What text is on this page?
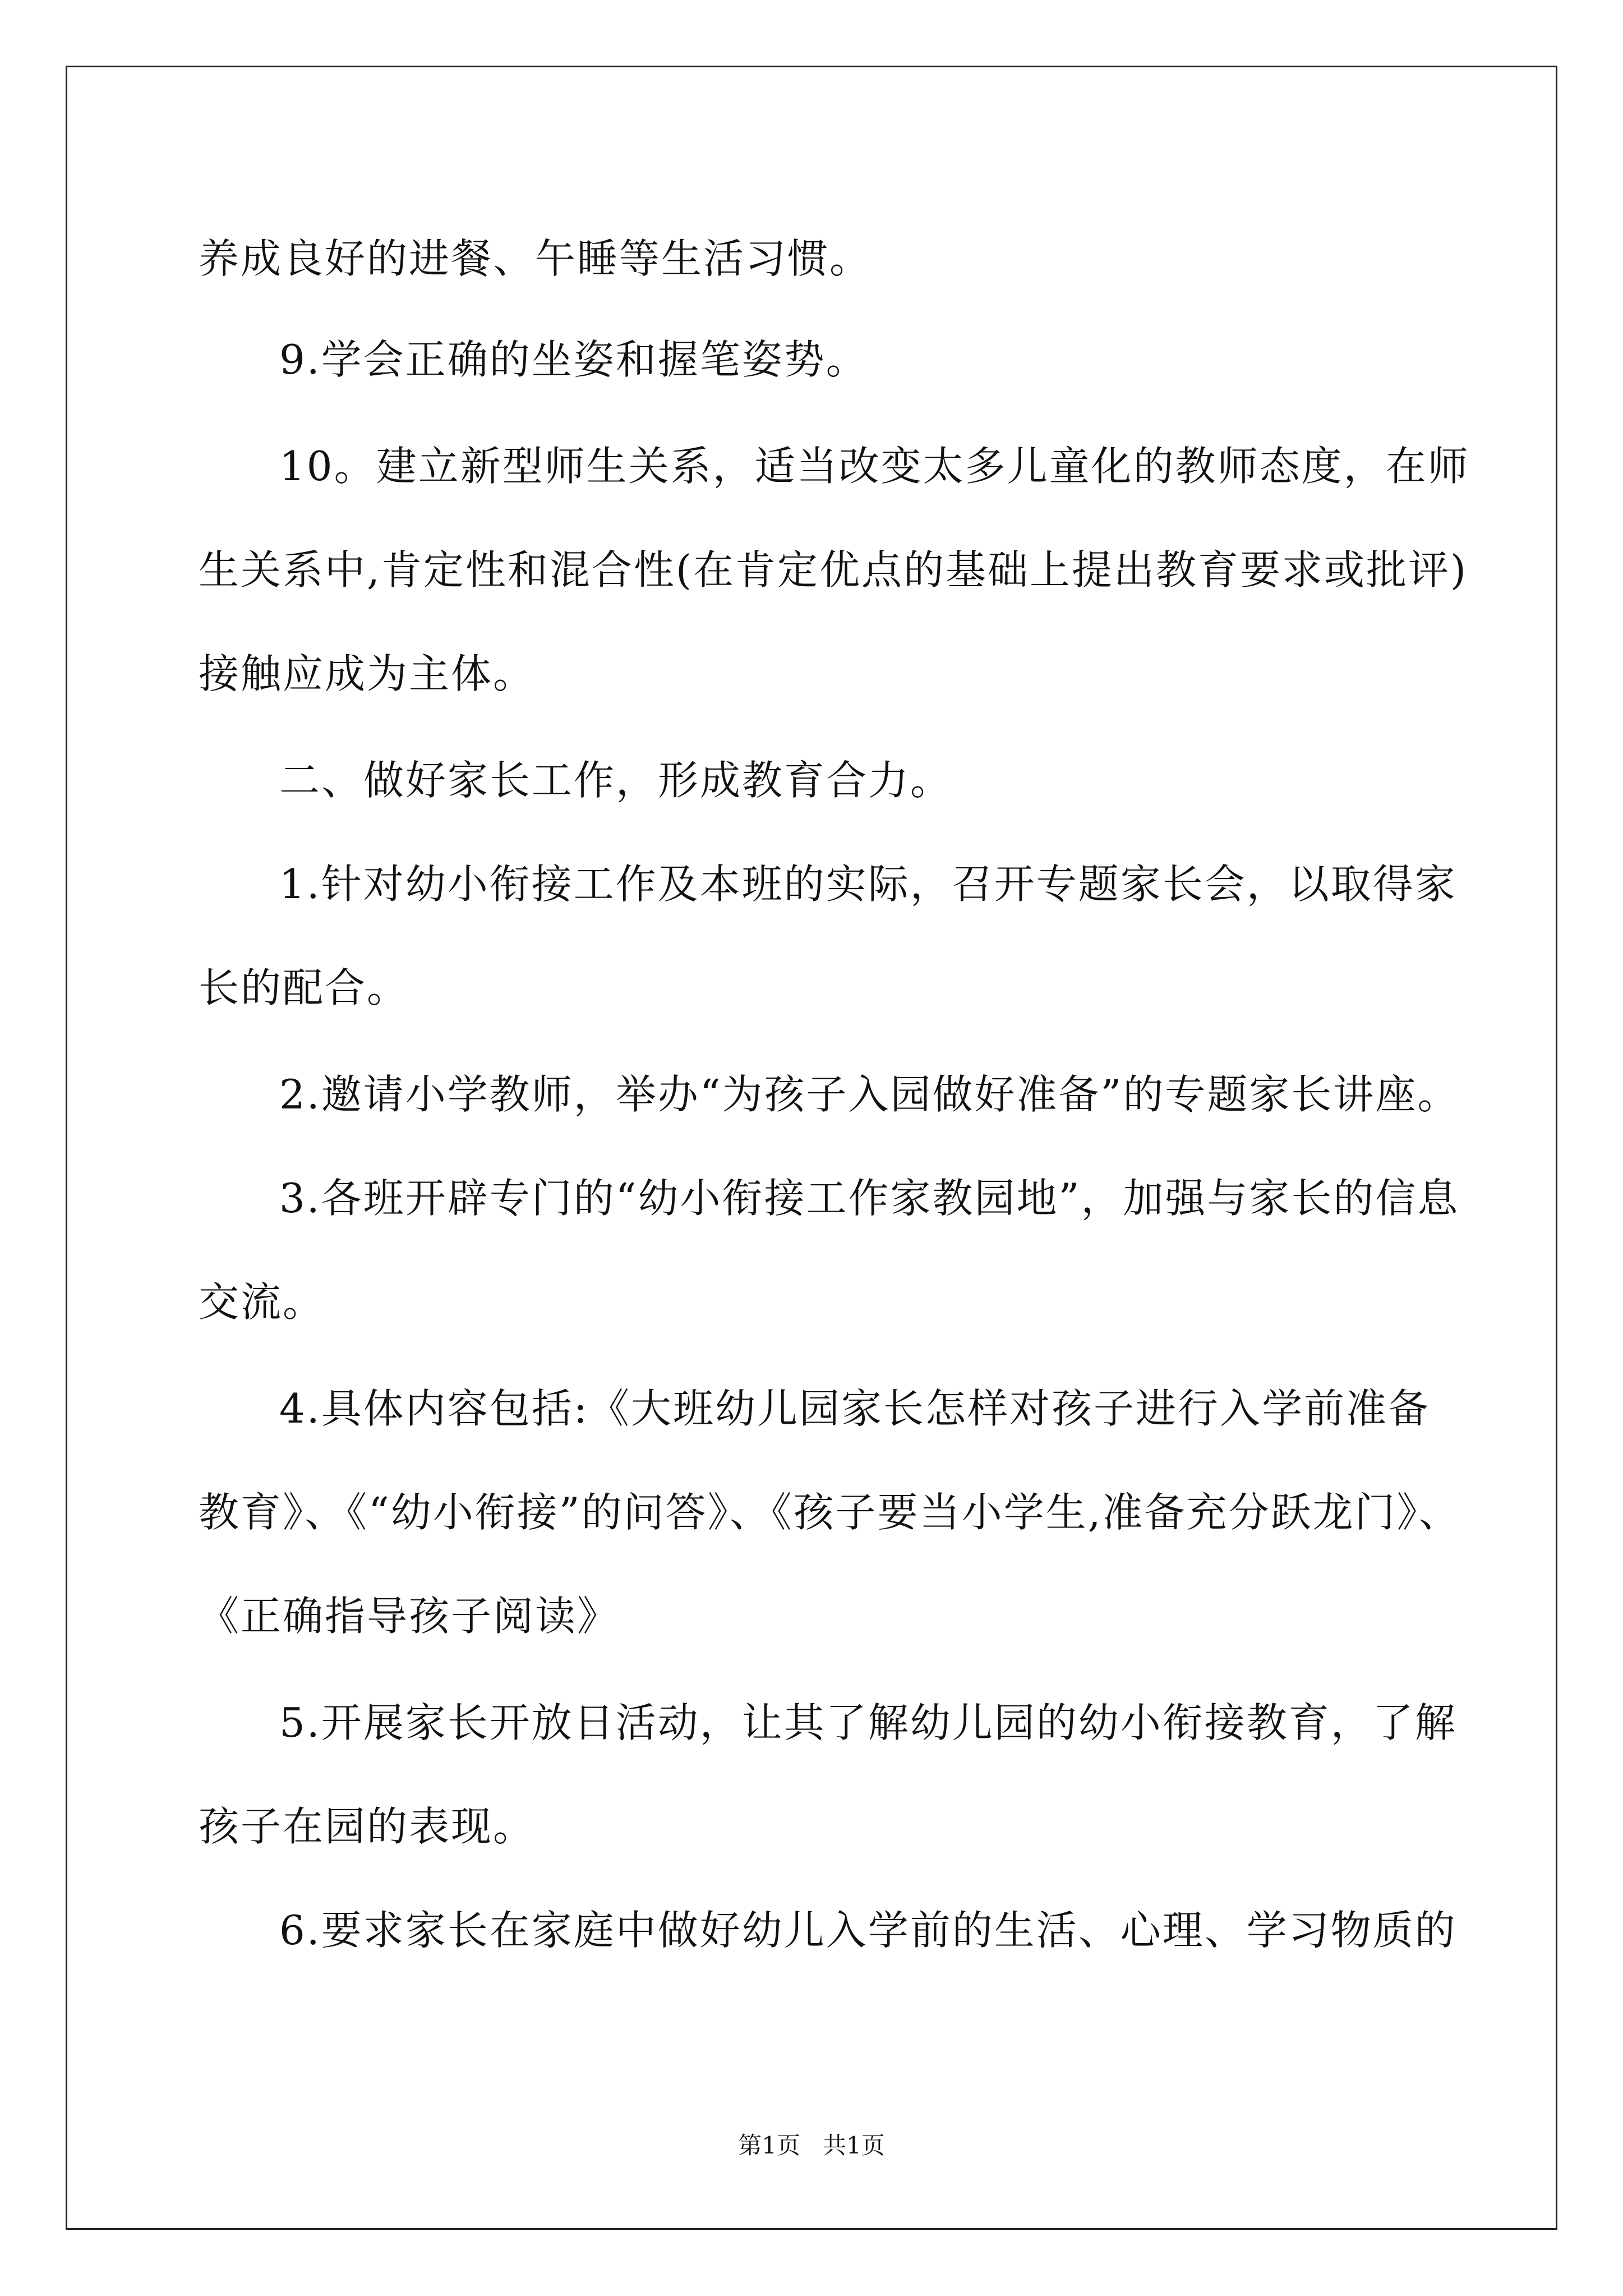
养成良好的进餐、午睡等生活习惯。
9.学会正确的坐姿和握笔姿势。
10。建立新型师生关系，适当改变太多儿童化的教师态度，在师
生关系中,肯定性和混合性(在肯定优点的基础上提出教育要求或批评)
接触应成为主体。
二、做好家长工作，形成教育合力。
1.针对幼小衔接工作及本班的实际，召开专题家长会，以取得家
长的配合。
2.邀请小学教师，举办“为孩子入园做好准备”的专题家长讲座。
3.各班开辟专门的“幼小衔接工作家教园地”，加强与家长的信息
交流。
4.具体内容包括:《大班幼儿园家长怎样对孩子进行入学前准备
教育》、《“幼小衔接”的问答》、《孩子要当小学生,准备充分跃龙门》、
《正确指导孩子阅读》
5.开展家长开放日活动，让其了解幼儿园的幼小衔接教育，了解
孩子在园的表现。
6.要求家长在家庭中做好幼儿入学前的生活、心理、学习物质的
第1页   共1页
